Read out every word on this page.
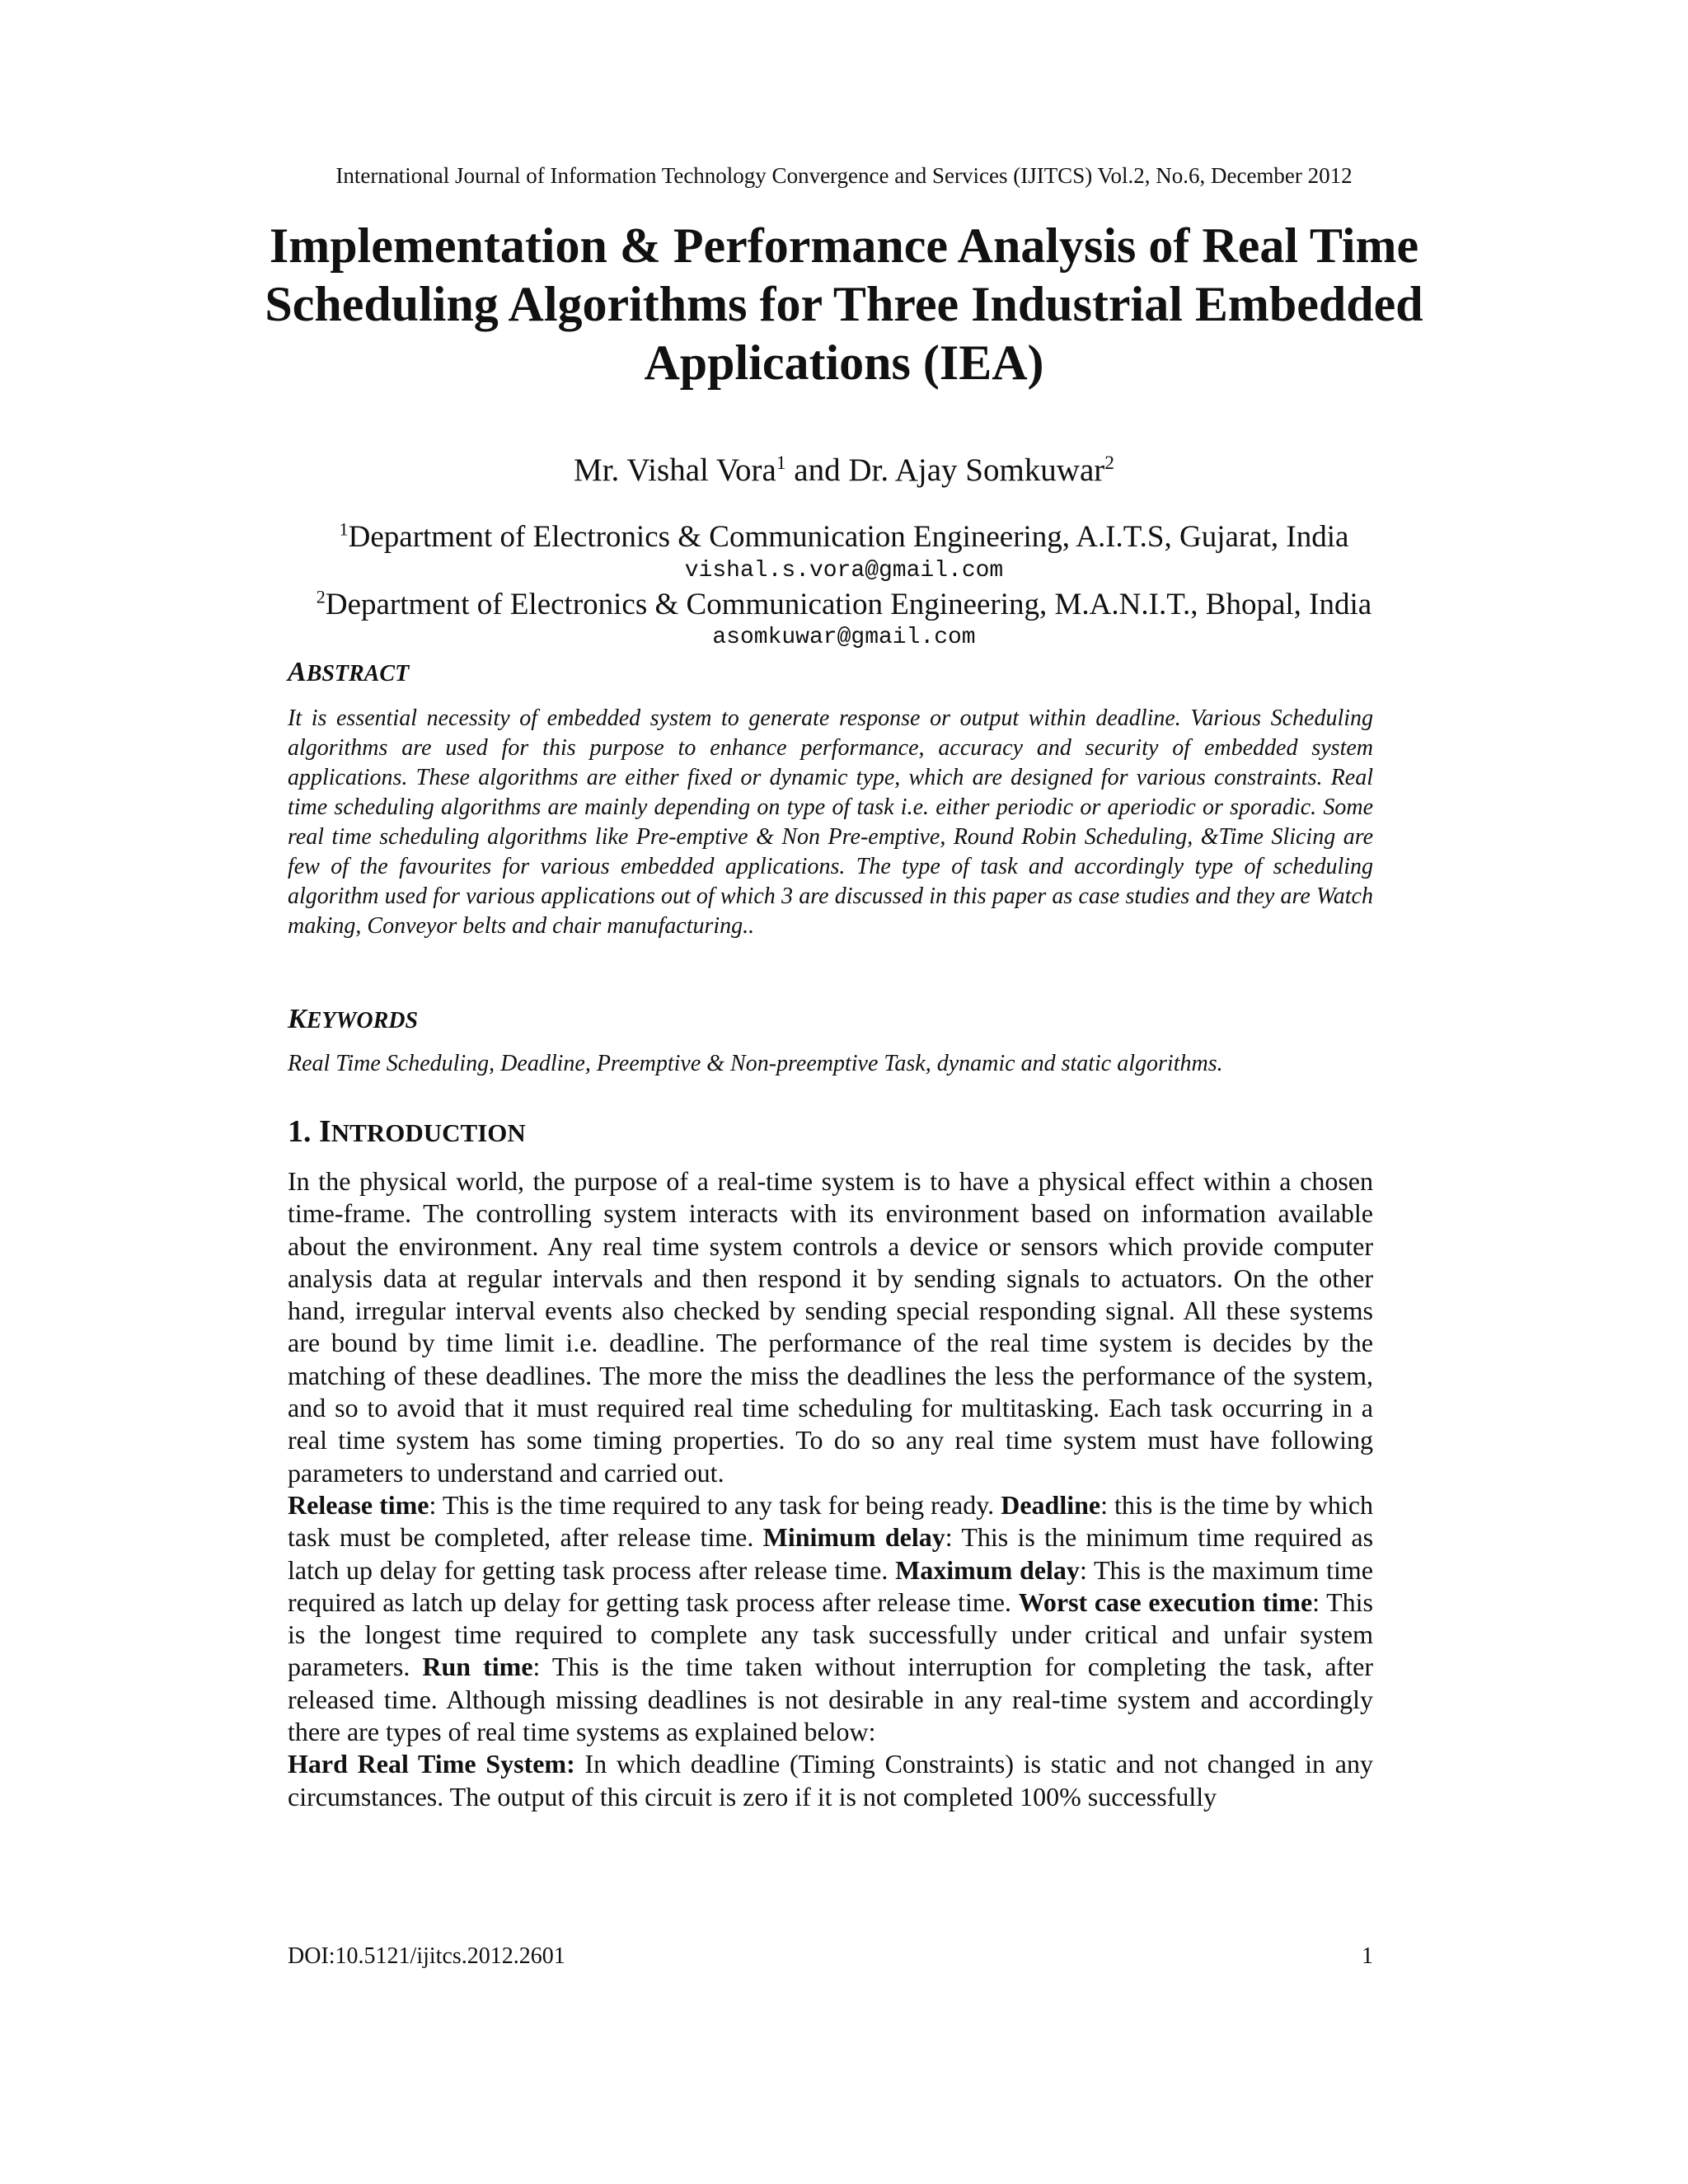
International Journal of Information Technology Convergence and Services (IJITCS) Vol.2, No.6, December 2012
Implementation & Performance Analysis of Real Time Scheduling Algorithms for Three Industrial Embedded Applications (IEA)
Mr. Vishal Vora$^1$ and Dr. Ajay Somkuwar$^2$
$^1$Department of Electronics & Communication Engineering, A.I.T.S, Gujarat, India
vishal.s.vora@gmail.com
$^2$Department of Electronics & Communication Engineering, M.A.N.I.T., Bhopal, India
asomkuwar@gmail.com
ABSTRACT

It is essential necessity of embedded system to generate response or output within deadline. Various Scheduling algorithms are used for this purpose to enhance performance, accuracy and security of embedded system applications. These algorithms are either fixed or dynamic type, which are designed for various constraints. Real time scheduling algorithms are mainly depending on type of task i.e. either periodic or aperiodic or sporadic. Some real time scheduling algorithms like Pre-emptive & Non Pre-emptive, Round Robin Scheduling, &Time Slicing are few of the favourites for various embedded applications. The type of task and accordingly type of scheduling algorithm used for various applications out of which 3 are discussed in this paper as case studies and they are Watch making, Conveyor belts and chair manufacturing..

KEYWORDS

Real Time Scheduling, Deadline, Preemptive & Non-preemptive Task, dynamic and static algorithms.

1. INTRODUCTION
In the physical world, the purpose of a real-time system is to have a physical effect within a chosen time-frame. The controlling system interacts with its environment based on information available about the environment. Any real time system controls a device or sensors which provide computer analysis data at regular intervals and then respond it by sending signals to actuators. On the other hand, irregular interval events also checked by sending special responding signal. All these systems are bound by time limit i.e. deadline. The performance of the real time system is decides by the matching of these deadlines. The more the miss the deadlines the less the performance of the system, and so to avoid that it must required real time scheduling for multitasking. Each task occurring in a real time system has some timing properties. To do so any real time system must have following parameters to understand and carried out.
Release time: This is the time required to any task for being ready. Deadline: this is the time by which task must be completed, after release time. Minimum delay: This is the minimum time required as latch up delay for getting task process after release time. Maximum delay: This is the maximum time required as latch up delay for getting task process after release time. Worst case execution time: This is the longest time required to complete any task successfully under critical and unfair system parameters. Run time: This is the time taken without interruption for completing the task, after released time. Although missing deadlines is not desirable in any real-time system and accordingly there are types of real time systems as explained below:
Hard Real Time System: In which deadline (Timing Constraints) is static and not changed in any circumstances. The output of this circuit is zero if it is not completed 100% successfully
DOI:10.5121/ijitcs.2012.2601	1
